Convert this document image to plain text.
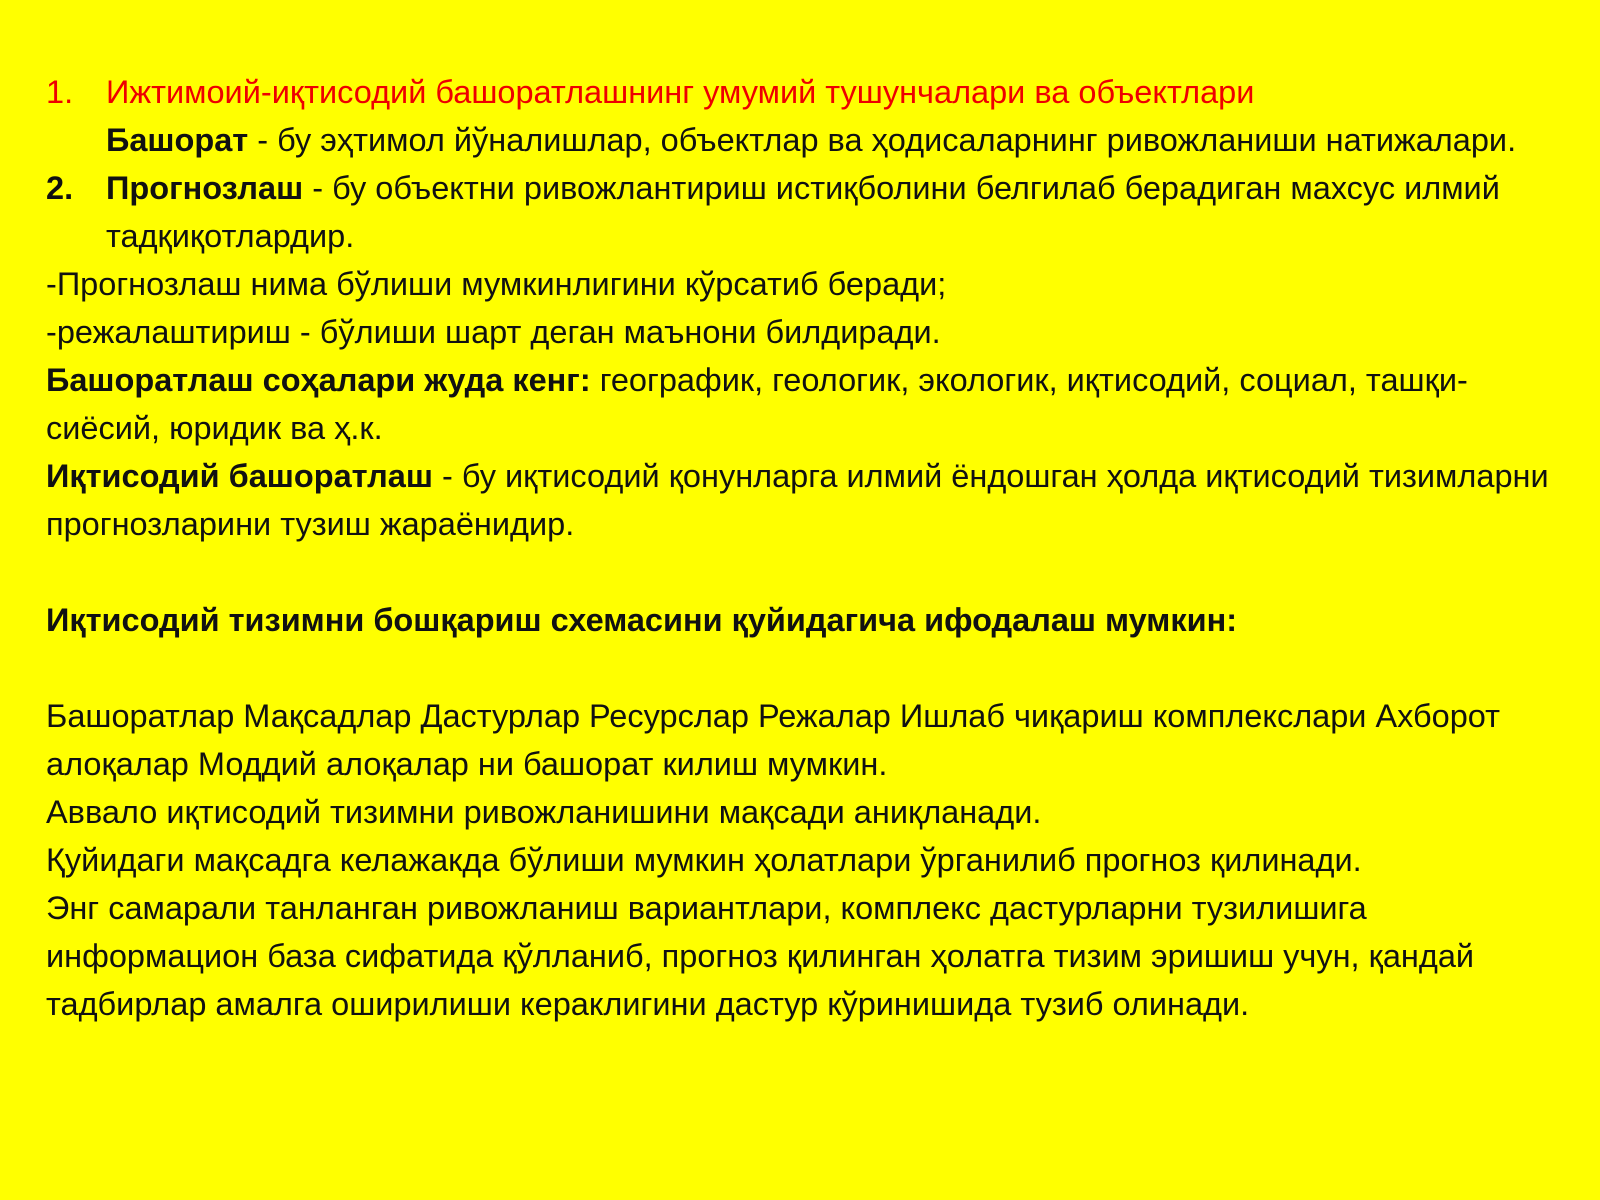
1.	Ижтимоий-иқтисодий башоратлашнинг умумий тушунчалари ва объектлари
Башорат - бу эҳтимол йўналишлар, объектлар ва ҳодисаларнинг ривожланиши натижалари.
2.	Прогнозлаш - бу объектни ривожлантириш истиқболини белгилаб берадиган махсус илмий тадқиқотлардир.

-Прогнозлаш нима бўлиши мумкинлигини кўрсатиб беради;

-режалаштириш - бўлиши шарт деган маънони билдиради.

Башоратлаш соҳалари жуда кенг: географик, геологик, экологик, иқтисодий, социал, ташқи-сиёсий, юридик ва ҳ.к.

Иқтисодий башоратлаш - бу иқтисодий қонунларга илмий ёндошган ҳолда иқтисодий тизимларни прогнозларини тузиш жараёнидир.

Иқтисодий тизимни бошқариш схемасини қуйидагича ифодалаш мумкин:

Башоратлар Мақсадлар Дастурлар Ресурслар Режалар Ишлаб чиқариш комплекслари Ахборот алоқалар Моддий алоқалар ни башорат килиш мумкин.

Аввало иқтисодий тизимни ривожланишини мақсади аниқланади.

Қуйидаги мақсадга келажакда бўлиши мумкин ҳолатлари ўрганилиб прогноз қилинади.

Энг самарали танланган ривожланиш вариантлари, комплекс дастурларни тузилишига информацион база сифатида қўлланиб, прогноз қилинган ҳолатга тизим эришиш учун, қандай тадбирлар амалга оширилиши кераклигини дастур кўринишида тузиб олинади.
